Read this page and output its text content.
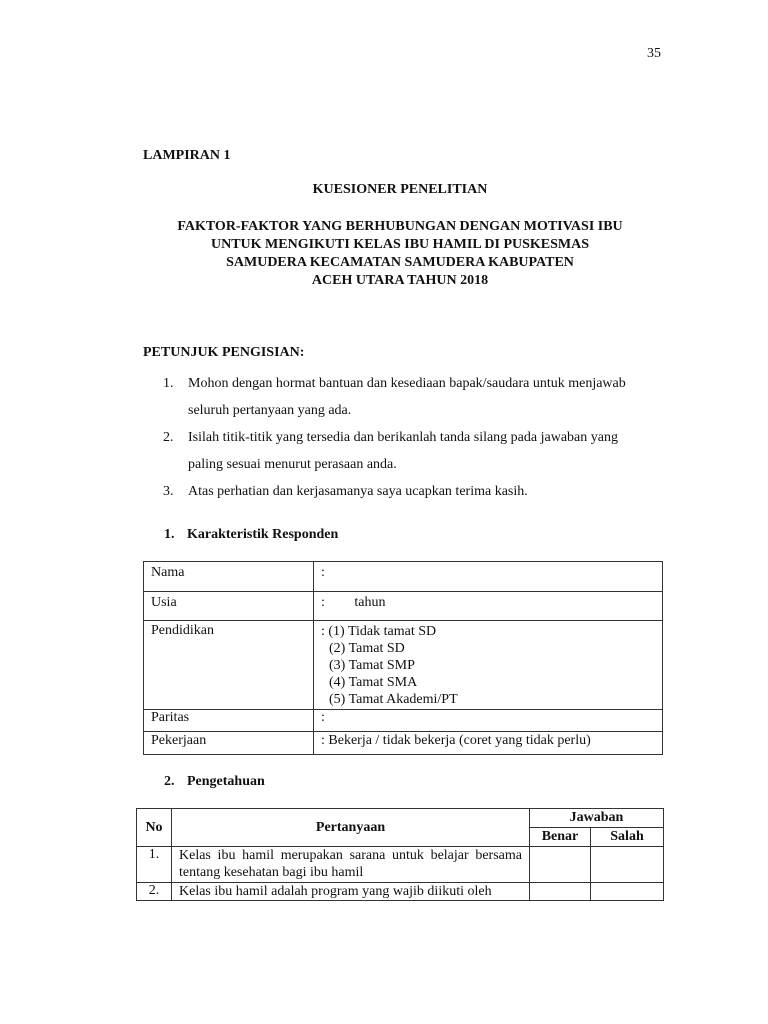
35
LAMPIRAN 1
KUESIONER PENELITIAN
FAKTOR-FAKTOR YANG BERHUBUNGAN DENGAN MOTIVASI IBU
UNTUK MENGIKUTI KELAS IBU HAMIL DI PUSKESMAS
SAMUDERA KECAMATAN SAMUDERA KABUPATEN
ACEH UTARA TAHUN 2018
PETUNJUK PENGISIAN:
1. Mohon dengan hormat bantuan dan kesediaan bapak/saudara untuk menjawab
seluruh pertanyaan yang ada.
2. Isilah titik-titik yang tersedia dan berikanlah tanda silang pada jawaban yang
paling sesuai menurut perasaan anda.
3. Atas perhatian dan kerjasamanya saya ucapkan terima kasih.
1. Karakteristik Responden
Nama	:
Usia	: tahun
Pendidikan	: (1) Tidak tamat SD
(2) Tamat SD
(3) Tamat SMP
(4) Tamat SMA
(5) Tamat Akademi/PT

Paritas	:
Pekerjaan	: Bekerja / tidak bekerja (coret yang tidak perlu)
2. Pengetahuan
No	Pertanyaan	Jawaban	
		Benar	Salah
1.	Kelas ibu hamil merupakan sarana untuk belajar bersama tentang kesehatan bagi ibu hamil		
2.	Kelas ibu hamil adalah program yang wajib diikuti oleh		
